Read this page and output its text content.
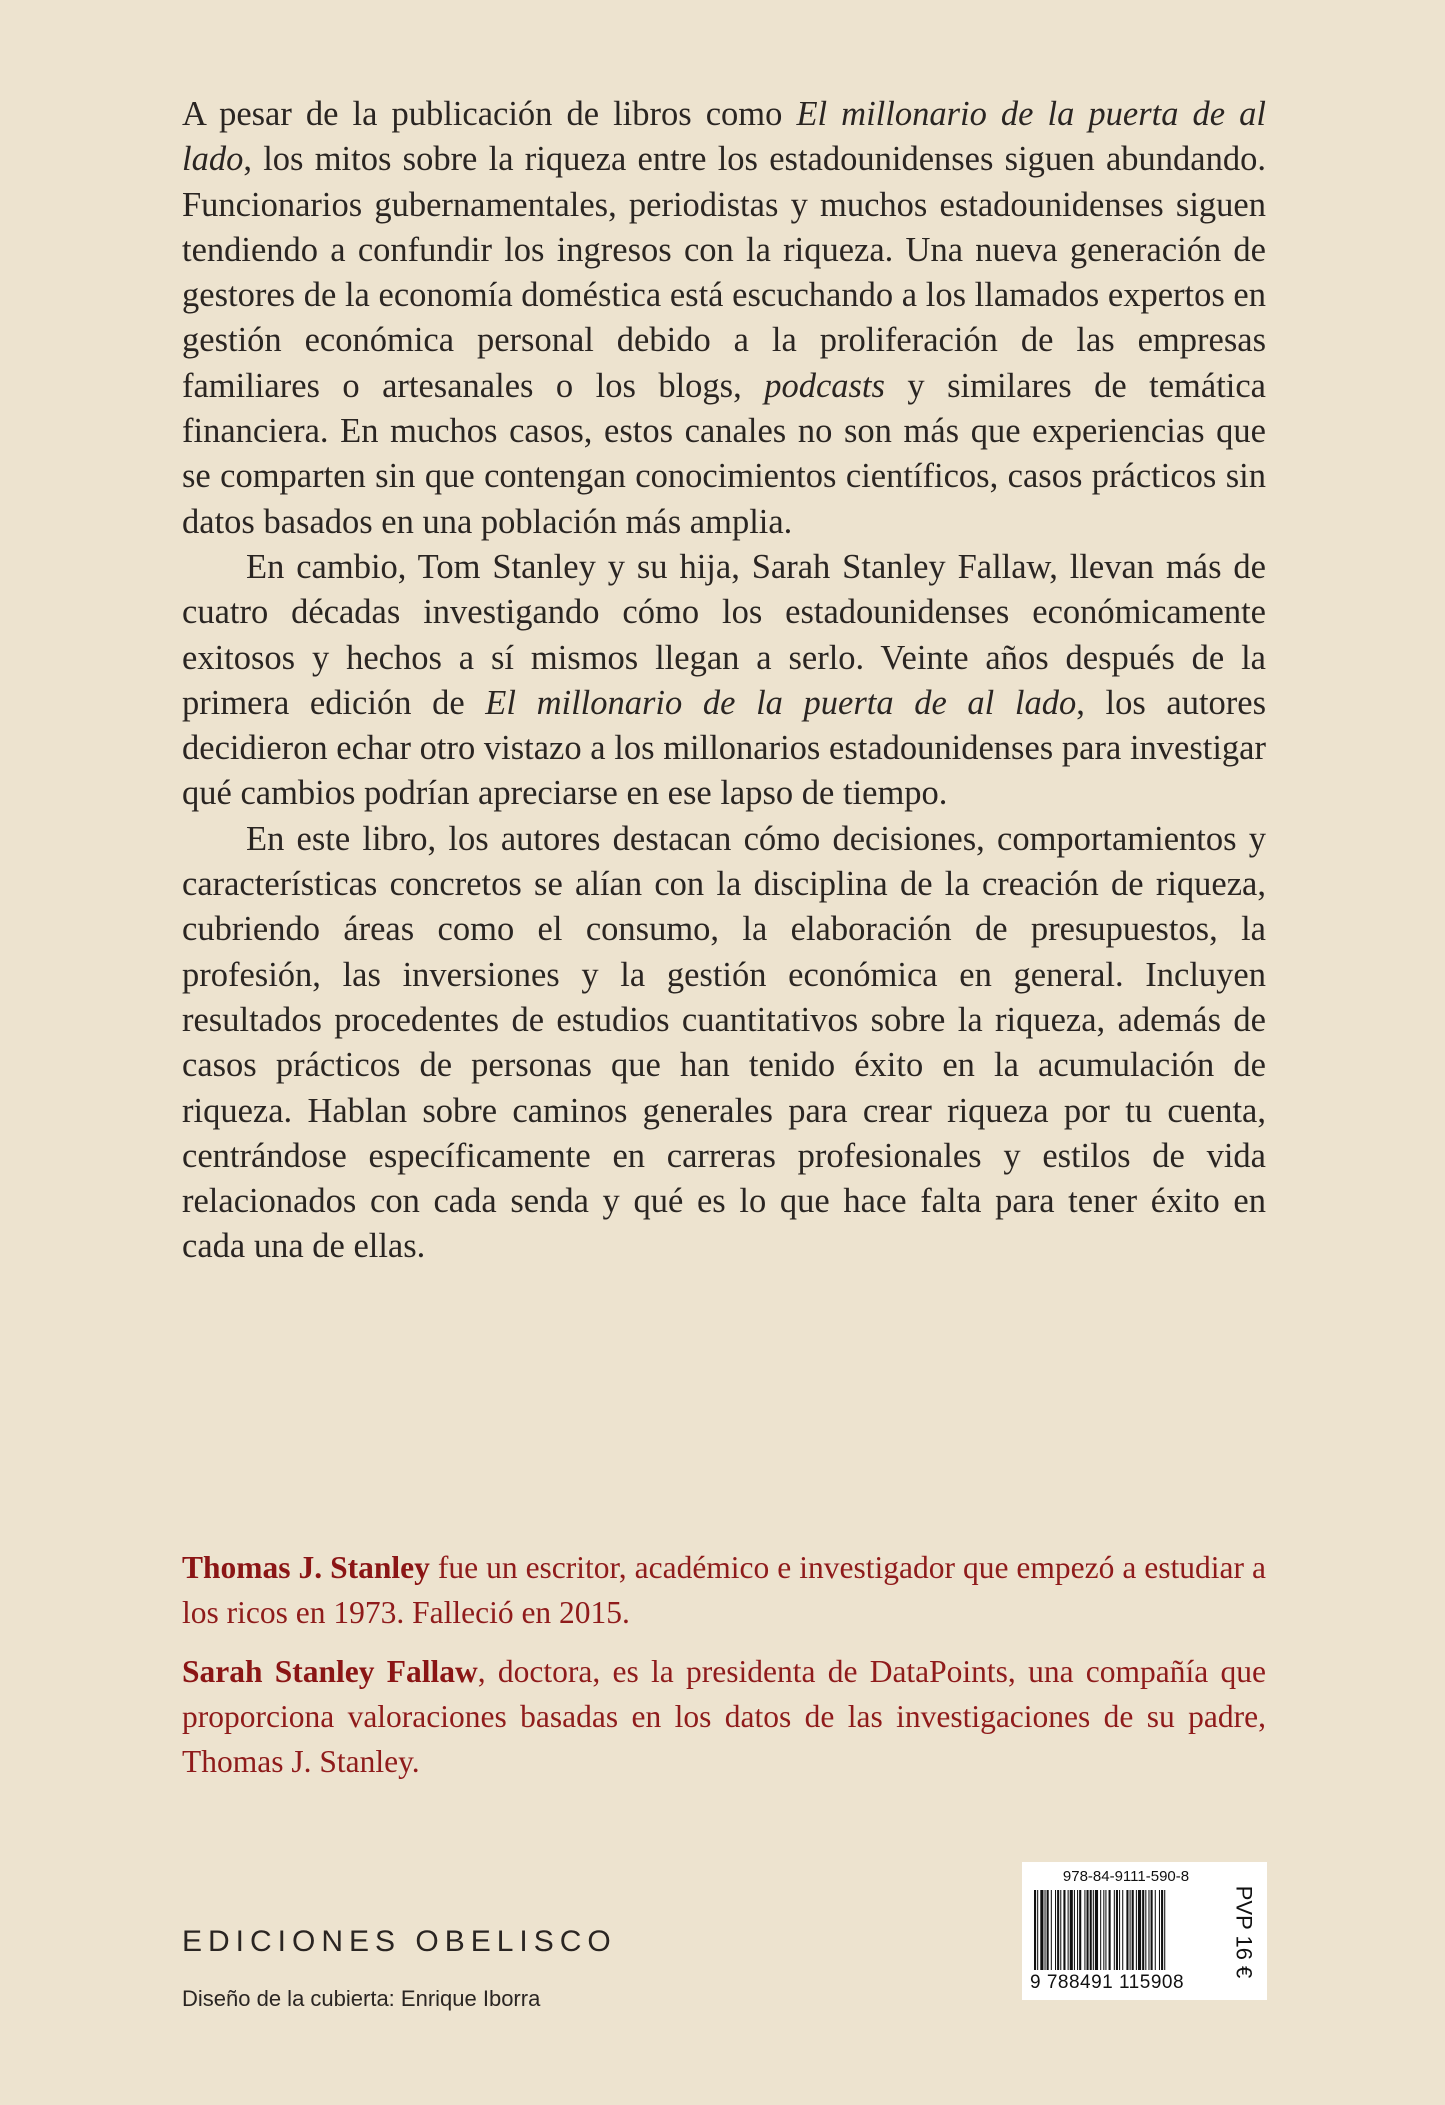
A pesar de la publicación de libros como El millonario de la puerta de al lado, los mitos sobre la riqueza entre los estadounidenses siguen abundando. Funcionarios gubernamentales, periodistas y muchos estadounidenses siguen tendiendo a confundir los ingresos con la riqueza. Una nueva generación de gestores de la economía doméstica está escuchando a los llamados expertos en gestión económica personal debido a la proliferación de las empresas familiares o artesanales o los blogs, podcasts y similares de temática financiera. En muchos casos, estos canales no son más que experiencias que se comparten sin que contengan conocimientos científicos, casos prácticos sin datos basados en una población más amplia.

En cambio, Tom Stanley y su hija, Sarah Stanley Fallaw, llevan más de cuatro décadas investigando cómo los estadounidenses económicamente exitosos y hechos a sí mismos llegan a serlo. Veinte años después de la primera edición de El millonario de la puerta de al lado, los autores decidieron echar otro vistazo a los millonarios estadounidenses para investigar qué cambios podrían apreciarse en ese lapso de tiempo.

En este libro, los autores destacan cómo decisiones, comportamientos y características concretos se alían con la disciplina de la creación de riqueza, cubriendo áreas como el consumo, la elaboración de presupuestos, la profesión, las inversiones y la gestión económica en general. Incluyen resultados procedentes de estudios cuantitativos sobre la riqueza, además de casos prácticos de personas que han tenido éxito en la acumulación de riqueza. Hablan sobre caminos generales para crear riqueza por tu cuenta, centrándose específicamente en carreras profesionales y estilos de vida relacionados con cada senda y qué es lo que hace falta para tener éxito en cada una de ellas.

Thomas J. Stanley fue un escritor, académico e investigador que empezó a estudiar a los ricos en 1973. Falleció en 2015.

Sarah Stanley Fallaw, doctora, es la presidenta de DataPoints, una compañía que proporciona valoraciones basadas en los datos de las investigaciones de su padre, Thomas J. Stanley.

EDICIONES OBELISCO
Diseño de la cubierta: Enrique Iborra
978-84-9111-590-8
9 788491 115908
PVP 16 €
